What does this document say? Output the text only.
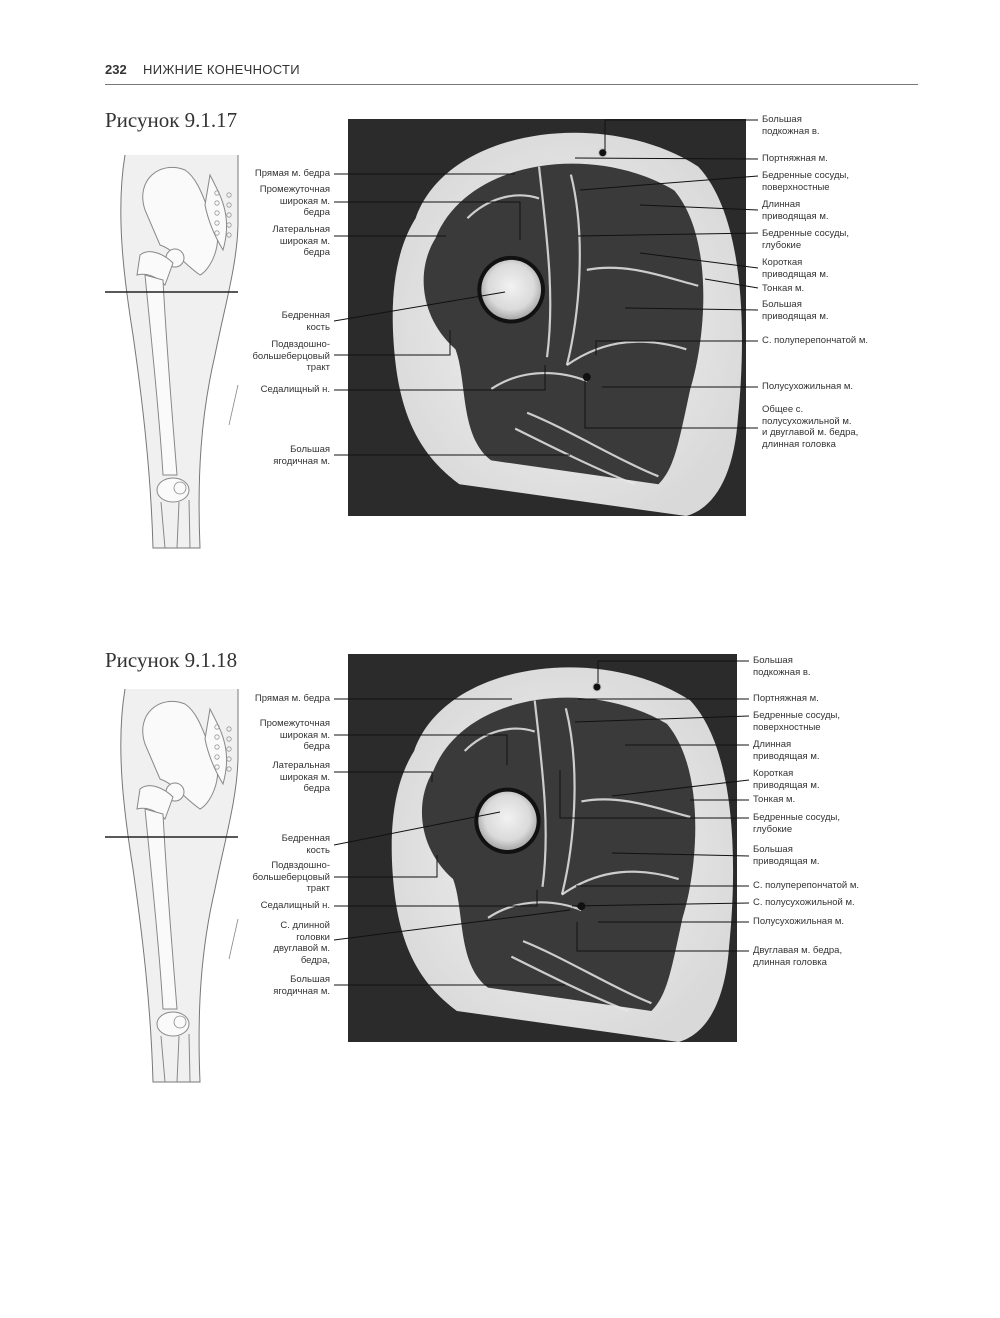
232 НИЖНИЕ КОНЕЧНОСТИ
Рисунок 9.1.17
Прямая м. бедра
Промежуточная
широкая м.
бедра
Латеральная
широкая м.
бедра
Бедренная
кость
Подвздошно-
большеберцовый
тракт
Седалищный н.
Большая
ягодичная м.
Большая
подкожная в.
Портняжная м.
Бедренные сосуды,
поверхностные
Длинная
приводящая м.
Бедренные сосуды,
глубокие
Короткая
приводящая м.
Тонкая м.
Большая
приводящая м.
С. полуперепончатой м.
Полусухожильная м.
Общее с.
полусухожильной м.
и двуглавой м. бедра,
длинная головка
Рисунок 9.1.18
Прямая м. бедра
Промежуточная
широкая м.
бедра
Латеральная
широкая м.
бедра
Бедренная
кость
Подвздошно-
большеберцовый
тракт
Седалищный н.
С. длинной
головки
двуглавой м.
бедра,
Большая
ягодичная м.
Большая
подкожная в.
Портняжная м.
Бедренные сосуды,
поверхностные
Длинная
приводящая м.
Короткая
приводящая м.
Тонкая м.
Бедренные сосуды,
глубокие
Большая
приводящая м.
С. полуперепончатой м.
С. полусухожильной м.
Полусухожильная м.
Двуглавая м. бедра,
длинная головка
